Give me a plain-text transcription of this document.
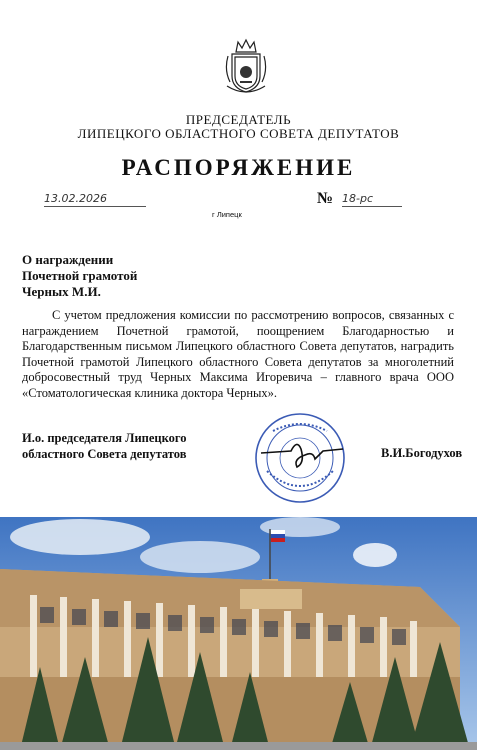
ПРЕДСЕДАТЕЛЬ
ЛИПЕЦКОГО ОБЛАСТНОГО СОВЕТА ДЕПУТАТОВ
РАСПОРЯЖЕНИЕ
13.02.2026
г Липецк
№ 18-рс
О награждении
Почетной грамотой
Черных М.И.
С учетом предложения комиссии по рассмотрению вопросов, связанных с награждением Почетной грамотой, поощрением Благодарностью и Благодарственным письмом Липецкого областного Совета депутатов, наградить Почетной грамотой Липецкого областного Совета депутатов за многолетний добросовестный труд Черных Максима Игоревича – главного врача ООО «Стоматологическая клиника доктора Черных».
И.о. председателя Липецкого
областного Совета депутатов	В.И.Богодухов
